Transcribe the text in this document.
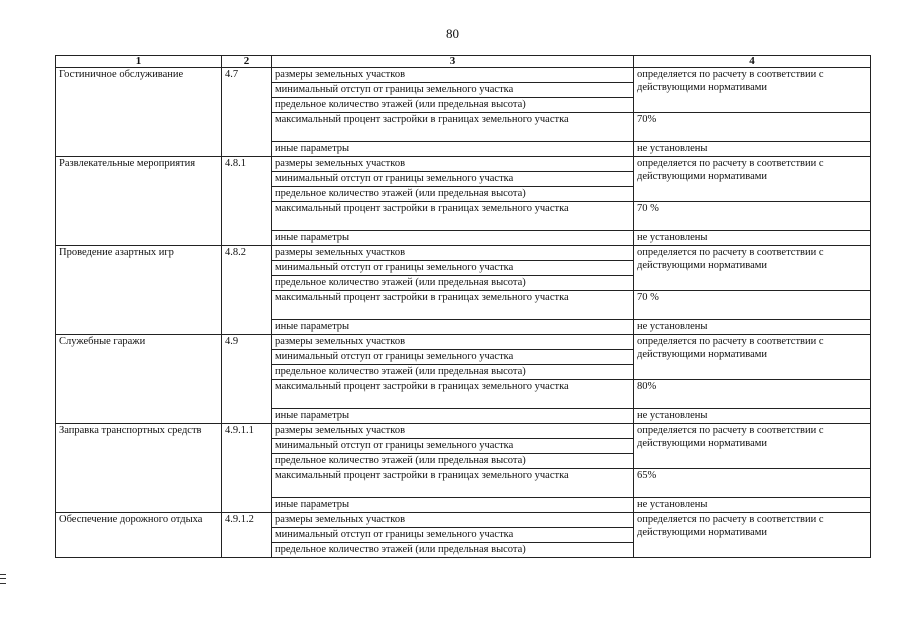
80
1	2	3	4
Гостиничное обслуживание	4.7	размеры земельных участков	определяется по расчету в соответствии с действующими нормативами
		минимальный отступ от границы земельного участка	
		предельное количество этажей (или предельная высота)	
		максимальный процент застройки в границах земельного участка	70%
		иные параметры	не установлены
Развлекательные мероприятия	4.8.1	размеры земельных участков	определяется по расчету в соответствии с действующими нормативами
		минимальный отступ от границы земельного участка	
		предельное количество этажей (или предельная высота)	
		максимальный процент застройки в границах земельного участка	70 %
		иные параметры	не установлены
Проведение азартных игр	4.8.2	размеры земельных участков	определяется по расчету в соответствии с действующими нормативами
		минимальный отступ от границы земельного участка	
		предельное количество этажей (или предельная высота)	
		максимальный процент застройки в границах земельного участка	70 %
		иные параметры	не установлены
Служебные гаражи	4.9	размеры земельных участков	определяется по расчету в соответствии с действующими нормативами
		минимальный отступ от границы земельного участка	
		предельное количество этажей (или предельная высота)	
		максимальный процент застройки в границах земельного участка	80%
		иные параметры	не установлены
Заправка транспортных средств	4.9.1.1	размеры земельных участков	определяется по расчету в соответствии с действующими нормативами
		минимальный отступ от границы земельного участка	
		предельное количество этажей (или предельная высота)	
		максимальный процент застройки в границах земельного участка	65%
		иные параметры	не установлены
Обеспечение дорожного отдыха	4.9.1.2	размеры земельных участков	определяется по расчету в соответствии с действующими нормативами
		минимальный отступ от границы земельного участка	
		предельное количество этажей (или предельная высота)	
